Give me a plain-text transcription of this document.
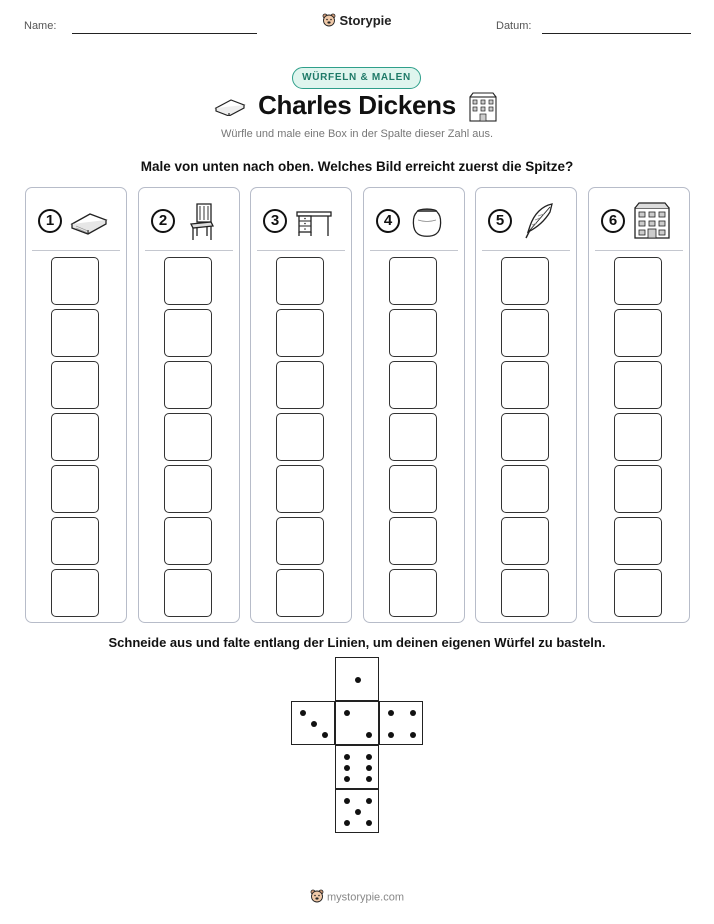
Name:	Storypie	Datum:
WÜRFELN & MALEN
Charles Dickens
Würfle und male eine Box in der Spalte dieser Zahl aus.
Male von unten nach oben. Welches Bild erreicht zuerst die Spitze?
1	2	3	4	5	6
Schneide aus und falte entlang der Linien, um deinen eigenen Würfel zu basteln.
mystorypie.com
